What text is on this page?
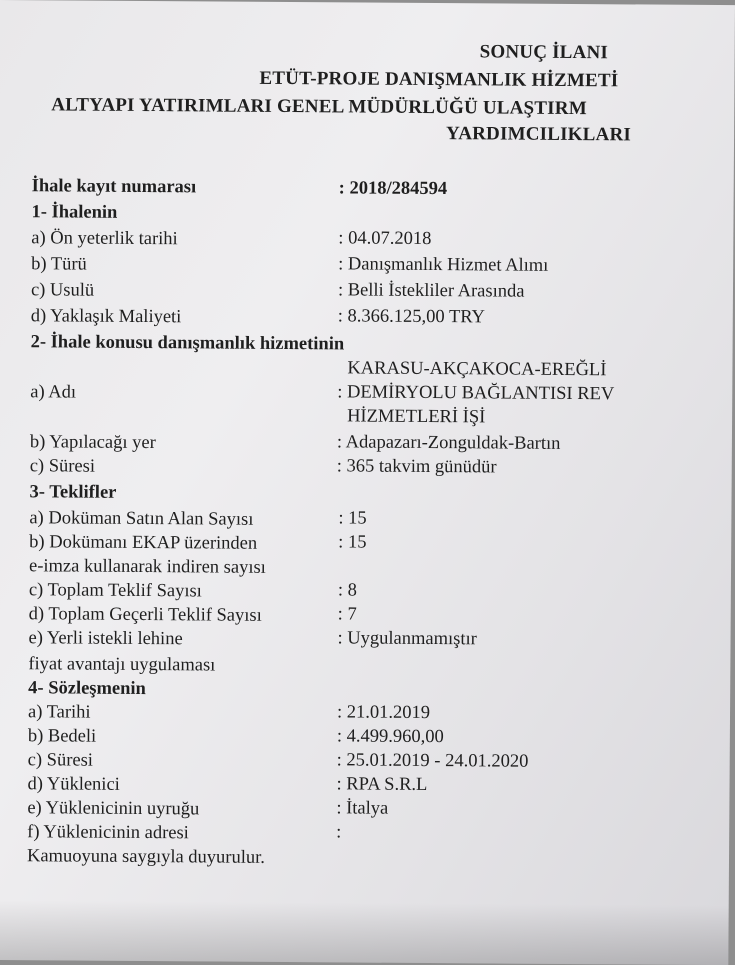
SONUÇ İLANI
ETÜT-PROJE DANIŞMANLIK HİZMETİ
ALTYAPI YATIRIMLARI GENEL MÜDÜRLÜĞÜ ULAŞTIRM
YARDIMCILIKLARI
İhale kayıt numarası	: 2018/284594
1- İhalenin
a) Ön yeterlik tarihi	: 04.07.2018
b) Türü	: Danışmanlık Hizmet Alımı
c) Usulü	: Belli İstekliler Arasında
d) Yaklaşık Maliyeti	: 8.366.125,00 TRY
2- İhale konusu danışmanlık hizmetinin
KARASU-AKÇAKOCA-EREĞLİ
a) Adı	: DEMİRYOLU BAĞLANTISI REV
HİZMETLERİ İŞİ
b) Yapılacağı yer	: Adapazarı-Zonguldak-Bartın
c) Süresi	: 365 takvim günüdür
3- Teklifler
a) Doküman Satın Alan Sayısı	: 15
b) Dokümanı EKAP üzerinden	: 15
e-imza kullanarak indiren sayısı
c) Toplam Teklif Sayısı	: 8
d) Toplam Geçerli Teklif Sayısı	: 7
e) Yerli istekli lehine	: Uygulanmamıştır
fiyat avantajı uygulaması
4- Sözleşmenin
a) Tarihi	: 21.01.2019
b) Bedeli	: 4.499.960,00
c) Süresi	: 25.01.2019 - 24.01.2020
d) Yüklenici	: RPA S.R.L
e) Yüklenicinin uyruğu	: İtalya
f) Yüklenicinin adresi	:
Kamuoyuna saygıyla duyurulur.
